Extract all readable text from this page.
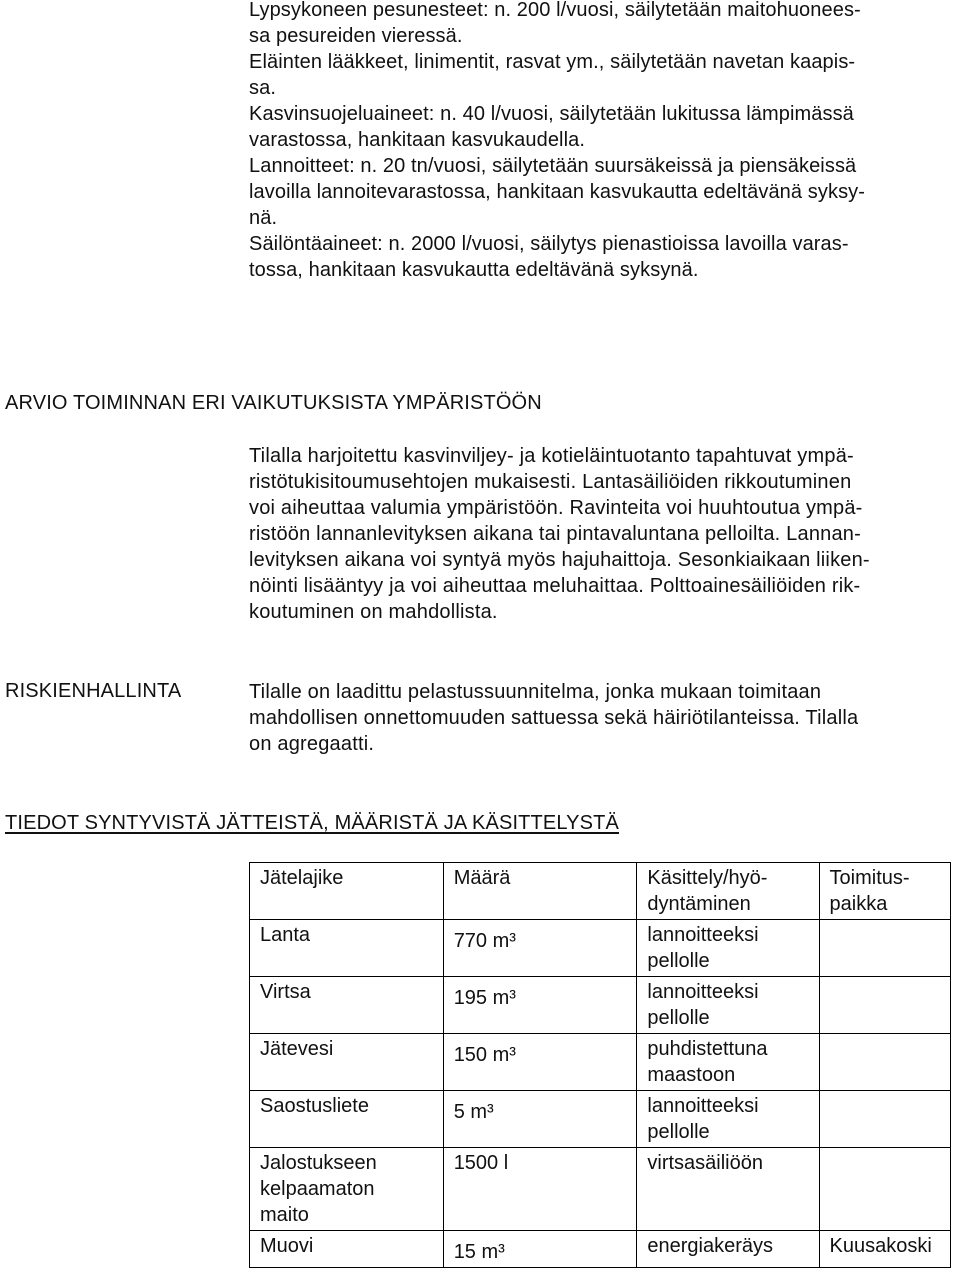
Lypsykoneen pesunesteet: n. 200 l/vuosi, säilytetään maitohuonees-
sa pesureiden vieressä.
Eläinten lääkkeet, linimentit, rasvat ym., säilytetään navetan kaapis-
sa.
Kasvinsuojeluaineet: n. 40 l/vuosi, säilytetään lukitussa lämpimässä
varastossa, hankitaan kasvukaudella.
Lannoitteet: n. 20 tn/vuosi, säilytetään suursäkeissä ja piensäkeissä
lavoilla lannoitevarastossa, hankitaan kasvukautta edeltävänä syksy-
nä.
Säilöntäaineet: n. 2000 l/vuosi, säilytys pienastioissa lavoilla varas-
tossa, hankitaan kasvukautta edeltävänä syksynä.
ARVIO TOIMINNAN ERI VAIKUTUKSISTA YMPÄRISTÖÖN
Tilalla harjoitettu kasvinviljey- ja kotieläintuotanto tapahtuvat ympä-
ristötukisitoumusehtojen mukaisesti. Lantasäiliöiden rikkoutuminen
voi aiheuttaa valumia ympäristöön. Ravinteita voi huuhtoutua ympä-
ristöön lannanlevityksen aikana tai pintavaluntana pelloilta. Lannan-
levityksen aikana voi syntyä myös hajuhaittoja. Sesonkiaikaan liiken-
nöinti lisääntyy ja voi aiheuttaa meluhaittaa. Polttoainesäiliöiden rik-
koutuminen on mahdollista.
RISKIENHALLINTA	Tilalle on laadittu pelastussuunnitelma, jonka mukaan toimitaan
mahdollisen onnettomuuden sattuessa sekä häiriötilanteissa. Tilalla
on agregaatti.
TIEDOT SYNTYVISTÄ JÄTTEISTÄ, MÄÄRISTÄ JA KÄSITTELYSTÄ
Jätelajike	Määrä	Käsittely/hyö-
dyntäminen	Toimitus-
paikka
Lanta	770 m³	lannoitteeksi
pellolle	
Virtsa	195 m³	lannoitteeksi
pellolle	
Jätevesi	150 m³	puhdistettuna
maastoon	
Saostusliete	5 m³	lannoitteeksi
pellolle	
Jalostukseen
kelpaamaton
maito	1500 l	virtsasäiliöön	
Muovi	15 m³	energiakeräys	Kuusakoski
